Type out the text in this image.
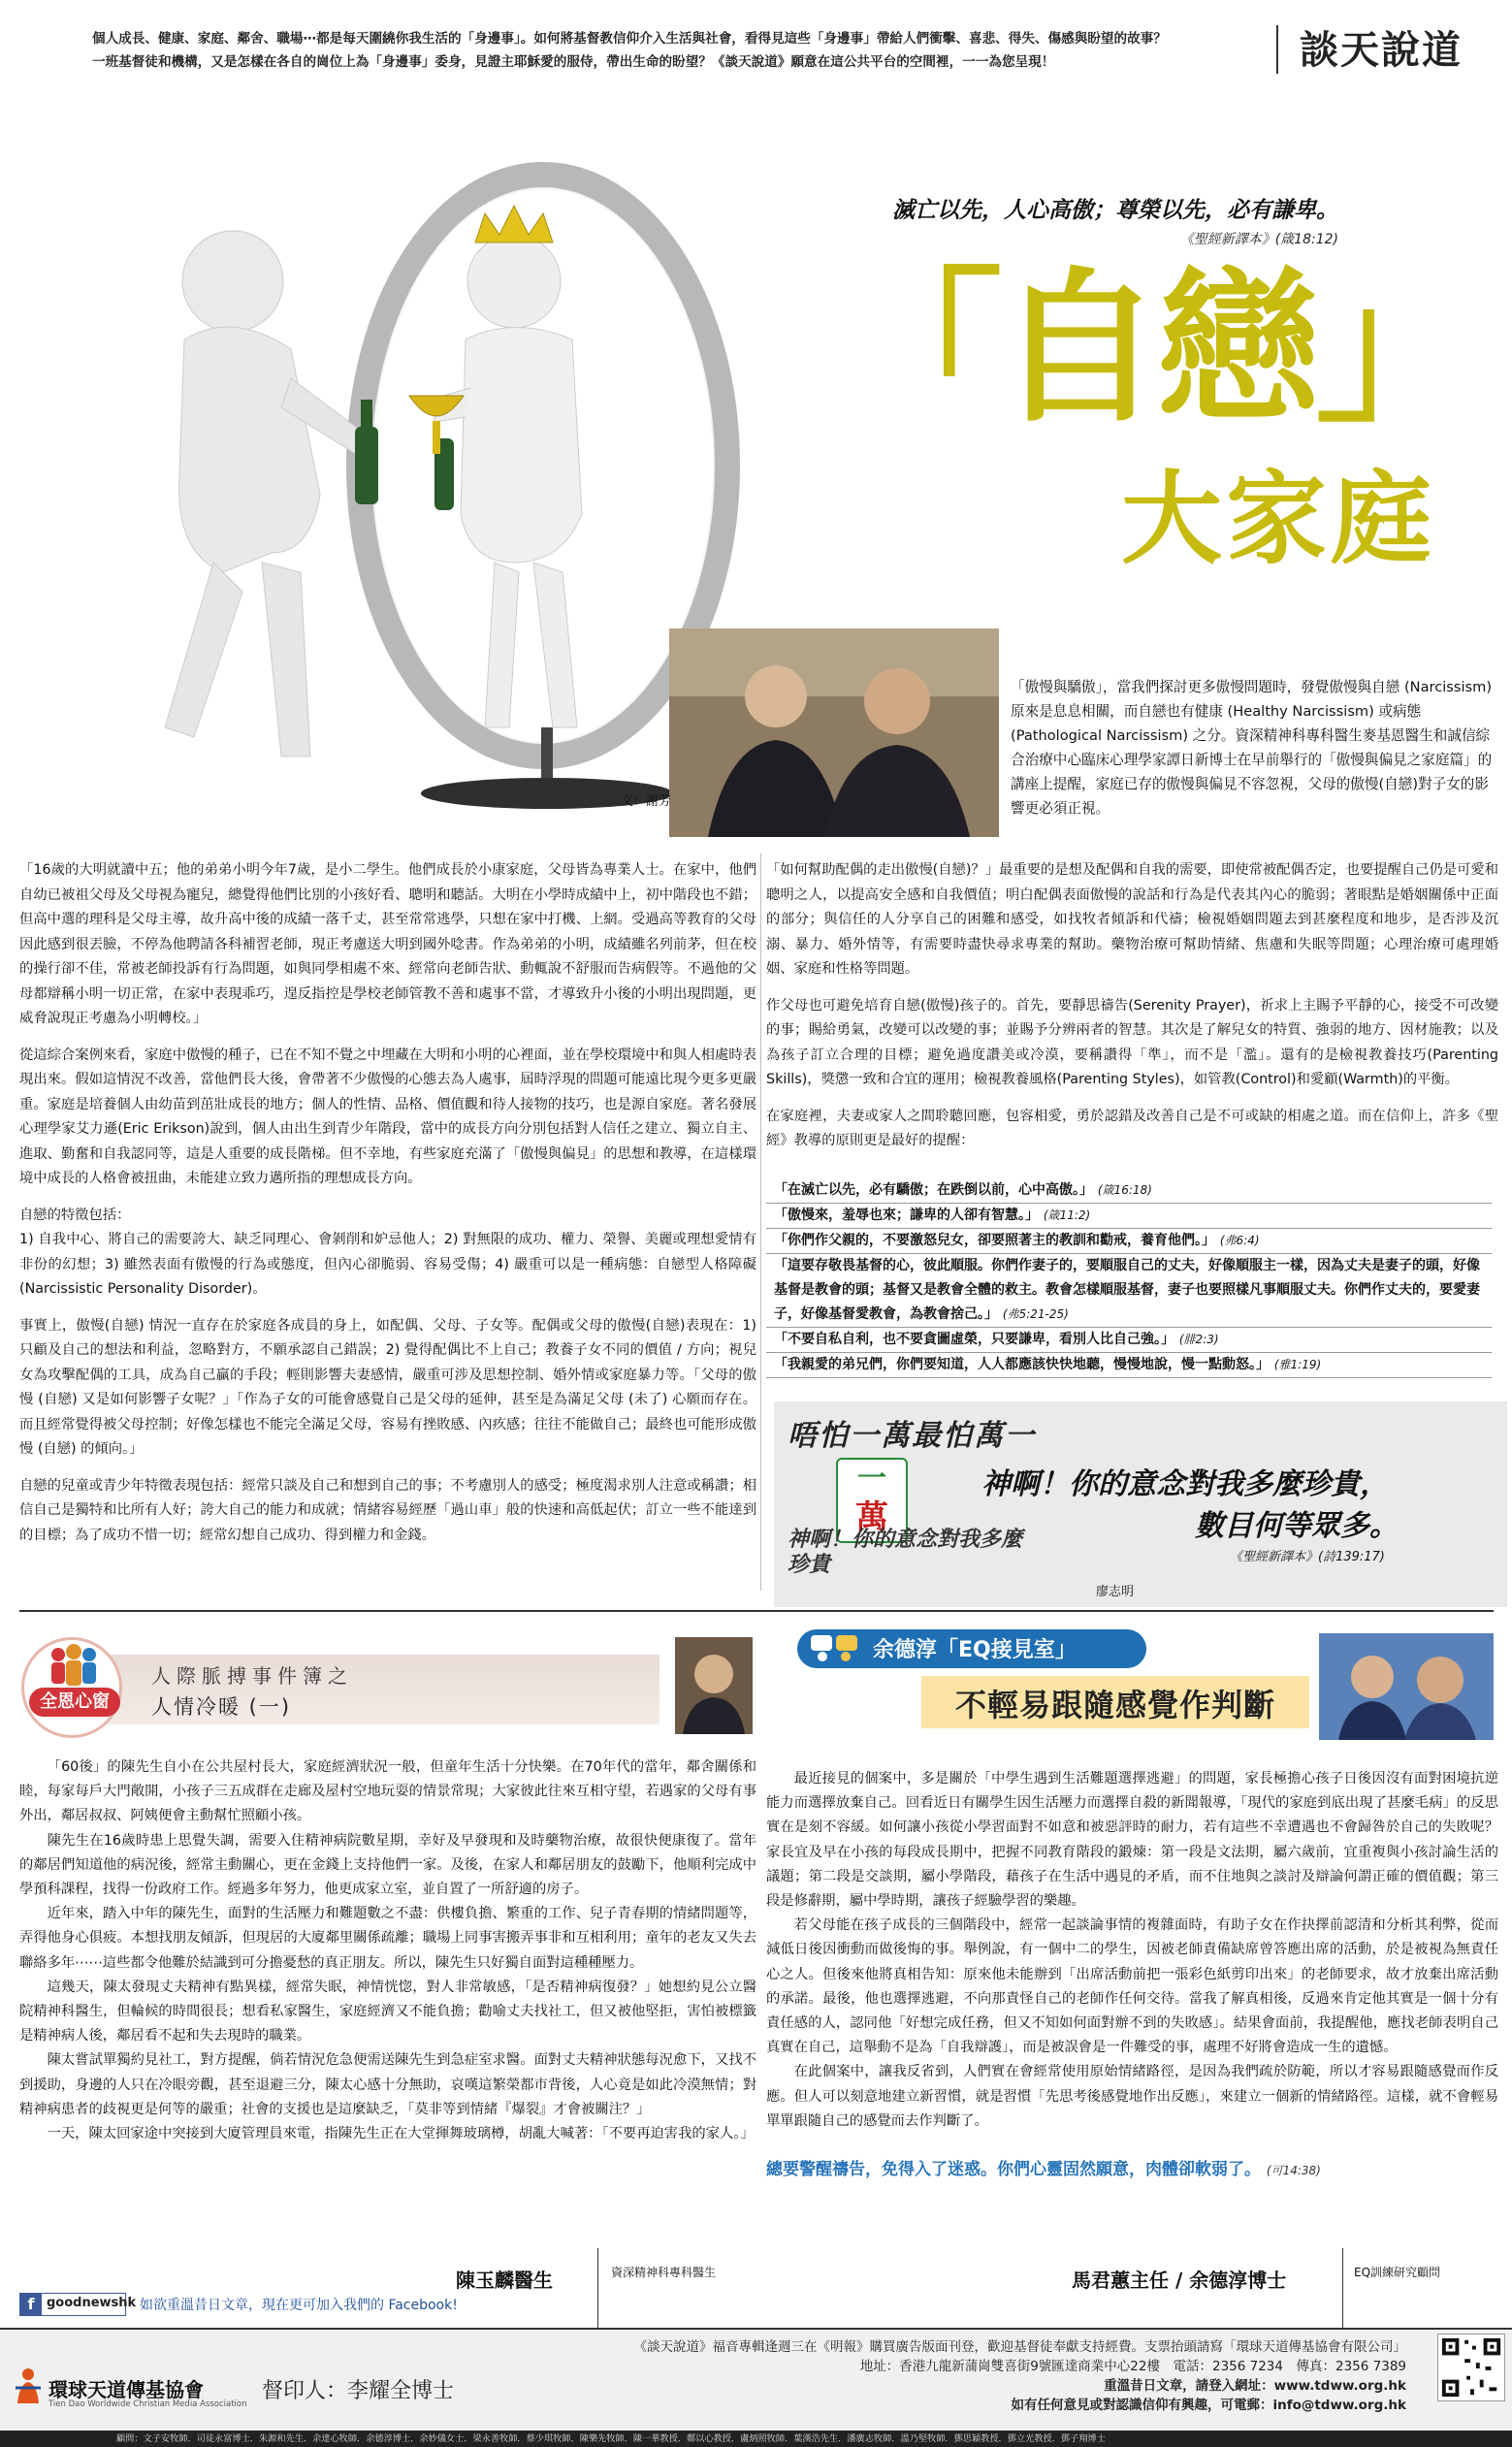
個人成長、健康、家庭、鄰舍、職場⋯都是每天圍繞你我生活的「身邊事」。如何將基督教信仰介入生活與社會，看得見這些「身邊事」帶給人們衝擊、喜悲、得失、傷感與盼望的故事？
一班基督徒和機構，又是怎樣在各自的崗位上為「身邊事」委身，見證主耶穌愛的服侍，帶出生命的盼望？《談天說道》願意在這公共平台的空間裡，一一為您呈現！	談天說道
滅亡以先，人心高傲；尊榮以先，必有謙卑。
《聖經新譯本》(箴18:12)
「自戀」
大家庭
文：謝芳
「傲慢與驕傲」，當我們探討更多傲慢問題時，發覺傲慢與自戀 (Narcissism) 原來是息息相關，而自戀也有健康 (Healthy Narcissism) 或病態 (Pathological Narcissism) 之分。資深精神科專科醫生麥基恩醫生和誠信綜合治療中心臨床心理學家譚日新博士在早前舉行的「傲慢與偏見之家庭篇」的講座上提醒，家庭已存的傲慢與偏見不容忽視，父母的傲慢(自戀)對子女的影響更必須正視。

「16歲的大明就讀中五；他的弟弟小明今年7歲，是小二學生。他們成長於小康家庭，父母皆為專業人士。在家中，他們自幼已被祖父母及父母視為寵兒，總覺得他們比別的小孩好看、聰明和聽話。大明在小學時成績中上，初中階段也不錯；但高中選的理科是父母主導，故升高中後的成績一落千丈，甚至常常逃學，只想在家中打機、上網。受過高等教育的父母因此感到很丟臉，不停為他聘請各科補習老師，現正考慮送大明到國外唸書。作為弟弟的小明，成績雖名列前茅，但在校的操行卻不佳，常被老師投訴有行為問題，如與同學相處不來、經常向老師告狀、動輒說不舒服而告病假等。不過他的父母都辯稱小明一切正常，在家中表現乖巧，遑反指控是學校老師管教不善和處事不當，才導致升小後的小明出現問題，更威脅說現正考慮為小明轉校。」

從這綜合案例來看，家庭中傲慢的種子，已在不知不覺之中埋藏在大明和小明的心裡面，並在學校環境中和與人相處時表現出來。假如這情況不改善，當他們長大後，會帶著不少傲慢的心態去為人處事，屆時浮現的問題可能遠比現今更多更嚴重。家庭是培養個人由幼苗到茁壯成長的地方；個人的性情、品格、價值觀和待人接物的技巧，也是源自家庭。著名發展心理學家艾力遜(Eric Erikson)說到，個人由出生到青少年階段，當中的成長方向分別包括對人信任之建立、獨立自主、進取、勤奮和自我認同等，這是人重要的成長階梯。但不幸地，有些家庭充滿了「傲慢與偏見」的思想和教導，在這樣環境中成長的人格會被扭曲，未能建立致力邁所指的理想成長方向。

自戀的特徵包括：
1) 自我中心、將自己的需要誇大、缺乏同理心、會剝削和妒忌他人；2) 對無限的成功、權力、榮譽、美麗或理想愛情有非份的幻想；3) 雖然表面有傲慢的行為或態度，但內心卻脆弱、容易受傷；4) 嚴重可以是一種病態：自戀型人格障礙 (Narcissistic Personality Disorder)。

事實上，傲慢(自戀) 情況一直存在於家庭各成員的身上，如配偶、父母、子女等。配偶或父母的傲慢(自戀)表現在：1) 只顧及自己的想法和利益，忽略對方，不願承認自己錯誤；2) 覺得配偶比不上自己；教養子女不同的價值 / 方向；視兒女為攻擊配偶的工具，成為自己贏的手段；輕則影響夫妻感情，嚴重可涉及思想控制、婚外情或家庭暴力等。「父母的傲慢 (自戀) 又是如何影響子女呢？」「作為子女的可能會感覺自己是父母的延伸，甚至是為滿足父母 (未了) 心願而存在。而且經常覺得被父母控制；好像怎樣也不能完全滿足父母，容易有挫敗感、內疚感；往往不能做自己；最終也可能形成傲慢 (自戀) 的傾向。」

自戀的兒童或青少年特徵表現包括：經常只談及自己和想到自己的事；不考慮別人的感受；極度渴求別人注意或稱讚；相信自己是獨特和比所有人好；誇大自己的能力和成就；情緒容易經歷「過山車」般的快速和高低起伏；訂立一些不能達到的目標；為了成功不惜一切；經常幻想自己成功、得到權力和金錢。

「如何幫助配偶的走出傲慢(自戀)？」最重要的是想及配偶和自我的需要，即使常被配偶否定，也要提醒自己仍是可愛和聰明之人，以提高安全感和自我價值；明白配偶表面傲慢的說話和行為是代表其內心的脆弱；著眼點是婚姻關係中正面的部分；與信任的人分享自己的困難和感受，如找牧者傾訴和代禱；檢視婚姻問題去到甚麼程度和地步，是否涉及沉溺、暴力、婚外情等，有需要時盡快尋求專業的幫助。藥物治療可幫助情緒、焦慮和失眠等問題；心理治療可處理婚姻、家庭和性格等問題。

作父母也可避免培育自戀(傲慢)孩子的。首先，要靜思禱告(Serenity Prayer)，祈求上主賜予平靜的心，接受不可改變的事；賜給勇氣，改變可以改變的事；並賜予分辨兩者的智慧。其次是了解兒女的特質、強弱的地方、因材施教；以及為孩子訂立合理的目標；避免過度讚美或冷漠，要稱讚得「準」，而不是「濫」。還有的是檢視教養技巧(Parenting Skills)，獎懲一致和合宜的運用；檢視教養風格(Parenting Styles)，如管教(Control)和愛顧(Warmth)的平衡。

在家庭裡，夫妻或家人之間聆聽回應，包容相愛，勇於認錯及改善自己是不可或缺的相處之道。而在信仰上，許多《聖經》教導的原則更是最好的提醒：

「在滅亡以先，必有驕傲；在跌倒以前，心中高傲。」 (箴16:18)
「傲慢來，羞辱也來；謙卑的人卻有智慧。」 (箴11:2)
「你們作父親的，不要激怒兒女，卻要照著主的教訓和勸戒，養育他們。」 (弗6:4)
「這要存敬畏基督的心，彼此順服。你們作妻子的，要順服自己的丈夫，好像順服主一樣，因為丈夫是妻子的頭，好像基督是教會的頭；基督又是教會全體的救主。教會怎樣順服基督，妻子也要照樣凡事順服丈夫。你們作丈夫的，要愛妻子，好像基督愛教會，為教會捨己。」 (弗5:21-25)
「不要自私自利，也不要貪圖虛榮，只要謙卑，看別人比自己強。」 (腓2:3)
「我親愛的弟兄們，你們要知道，人人都應該快快地聽，慢慢地說，慢一點動怒。」 (雅1:19)
唔怕一萬最怕萬一
一
萬
神啊！你的意念對我多麼珍貴
神啊！你的意念對我多麼珍貴，
數目何等眾多。
《聖經新譯本》(詩139:17)
廖志明
全恩心窗
人際脈搏事件簿之
人情冷暖 (一)

「60後」的陳先生自小在公共屋村長大，家庭經濟狀況一般，但童年生活十分快樂。在70年代的當年，鄰舍關係和睦，每家每戶大門敞開，小孩子三五成群在走廊及屋村空地玩耍的情景常現；大家彼此往來互相守望，若遇家的父母有事外出，鄰居叔叔、阿姨便會主動幫忙照顧小孩。

陳先生在16歲時患上思覺失調，需要入住精神病院數星期，幸好及早發現和及時藥物治療，故很快便康復了。當年的鄰居們知道他的病況後，經常主動關心，更在金錢上支持他們一家。及後，在家人和鄰居朋友的鼓勵下，他順利完成中學預科課程，找得一份政府工作。經過多年努力，他更成家立室，並自置了一所舒適的房子。

近年來，踏入中年的陳先生，面對的生活壓力和難題數之不盡：供樓負擔、繁重的工作、兒子青春期的情緒問題等，弄得他身心俱疲。本想找朋友傾訴，但現居的大廈鄰里關係疏離；職場上同事害搬弄事非和互相利用；童年的老友又失去聯絡多年⋯⋯這些都令他難於結識到可分擔憂愁的真正朋友。所以，陳先生只好獨自面對這種種壓力。

這幾天，陳太發現丈夫精神有點異樣，經常失眠，神情恍惚，對人非常敏感，「是否精神病復發？」她想約見公立醫院精神科醫生，但輪候的時間很長；想看私家醫生，家庭經濟又不能負擔；勸喻丈夫找社工，但又被他堅拒，害怕被標籤是精神病人後，鄰居看不起和失去現時的職業。

陳太嘗試單獨約見社工，對方提醒，倘若情況危急便需送陳先生到急症室求醫。面對丈夫精神狀態每況愈下，又找不到援助，身邊的人只在冷眼旁觀，甚至退避三分，陳太心感十分無助，哀嘆這繁榮都市背後，人心竟是如此冷漠無情；對精神病患者的歧視更是何等的嚴重；社會的支援也是這麼缺乏，「莫非等到情緒『爆裂』才會被關注？」

一天，陳太回家途中突接到大廈管理員來電，指陳先生正在大堂揮舞玻璃樽，胡亂大喊著：「不要再迫害我的家人。」

余德淳「EQ接見室」
不輕易跟隨感覺作判斷

最近接見的個案中，多是關於「中學生遇到生活難題選擇逃避」的問題，家長極擔心孩子日後因沒有面對困境抗逆能力而選擇放棄自己。回看近日有關學生因生活壓力而選擇自殺的新聞報導，「現代的家庭到底出現了甚麼毛病」的反思實在是刻不容緩。如何讓小孩從小學習面對不如意和被惡評時的耐力，若有這些不幸遭遇也不會歸咎於自己的失敗呢？家長宜及早在小孩的每段成長期中，把握不同教育階段的鍛煉：第一段是文法期，屬六歲前，宜重複與小孩討論生活的議題；第二段是交談期，屬小學階段，藉孩子在生活中遇見的矛盾，而不住地與之談討及辯論何謂正確的價值觀；第三段是修辭期，屬中學時期，讓孩子經驗學習的樂趣。

若父母能在孩子成長的三個階段中，經常一起談論事情的複雜面時，有助子女在作抉擇前認清和分析其利弊，從而減低日後因衝動而做後悔的事。舉例說，有一個中二的學生，因被老師責備缺席曾答應出席的活動，於是被視為無責任心之人。但後來他將真相告知：原來他未能辦到「出席活動前把一張彩色紙剪印出來」的老師要求，故才放棄出席活動的承諾。最後，他也選擇逃避，不向那責怪自己的老師作任何交待。當我了解真相後，反過來肯定他其實是一個十分有責任感的人，認同他「好想完成任務，但又不知如何面對辦不到的失敗感」。結果會面前，我提醒他，應找老師表明自己真實在自己，這舉動不是為「自我辯護」，而是被誤會是一件難受的事，處理不好將會造成一生的遺憾。

在此個案中，讓我反省到，人們實在會經常使用原始情緒路徑，是因為我們疏於防範，所以才容易跟隨感覺而作反應。但人可以刻意地建立新習慣，就是習慣「先思考後感覺地作出反應」，來建立一個新的情緒路徑。這樣，就不會輕易單單跟隨自己的感覺而去作判斷了。

總要警醒禱告，免得入了迷惑。你們心靈固然願意，肉體卻軟弱了。 (可14:38)
陳玉麟醫生	資深精神科專科醫生	馬君蕙主任 / 余德淳博士	EQ訓練研究顧問
f goodnewshk 如欲重溫昔日文章，現在更可加入我們的 Facebook!
環球天道傳基協會
Tien Dao Worldwide Christian Media Association
督印人：李耀全博士
《談天說道》福音專輯逢週三在《明報》購買廣告版面刊登，歡迎基督徒奉獻支持經費。支票抬頭請寫「環球天道傳基協會有限公司」
地址：香港九龍新蒲崗雙喜街9號匯達商業中心22樓　電話：2356 7234　傳真：2356 7389
重溫昔日文章，請登入網址：www.tdww.org.hk
如有任何意見或對認識信仰有興趣，可電郵：info@tdww.org.hk
顧問：文子安牧師．司徒永富博士．朱源和先生．余達心牧師．余德淳博士．余妙儀女士．梁永善牧師．蔡少琪牧師．陳樂先牧師．陳一華教授．鄭以心教授．盧炳照牧師．葉漢浩先生．潘廣志牧師．溫乃堅牧師．鄧思穎教授．鄧立光教授．鄧子翔博士
